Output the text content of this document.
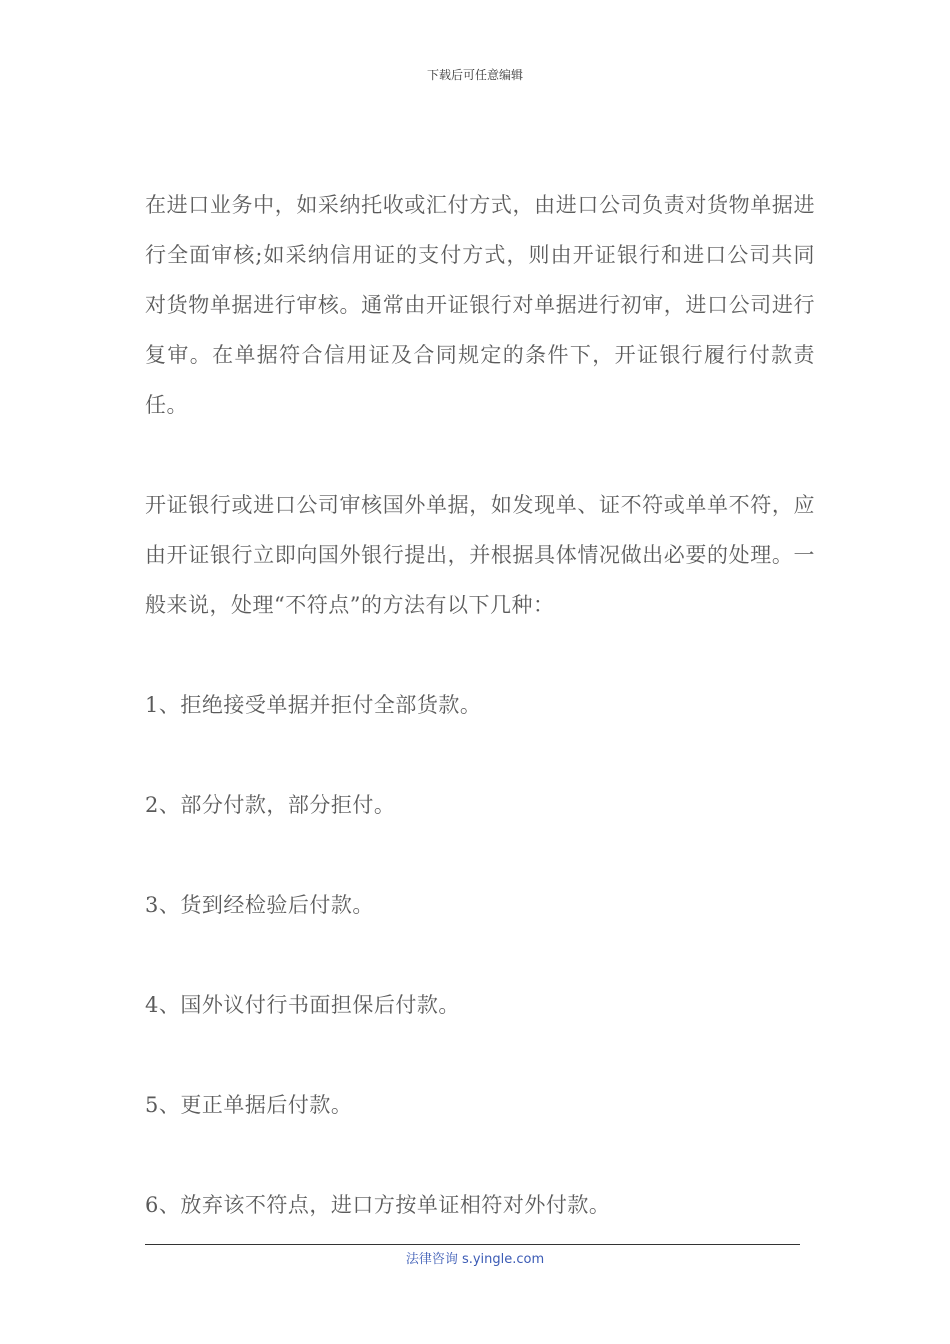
下载后可任意编辑

在进口业务中，如采纳托收或汇付方式，由进口公司负责对货物单据进行全面审核;如采纳信用证的支付方式，则由开证银行和进口公司共同对货物单据进行审核。通常由开证银行对单据进行初审，进口公司进行复审。在单据符合信用证及合同规定的条件下，开证银行履行付款责任。

开证银行或进口公司审核国外单据，如发现单、证不符或单单不符，应由开证银行立即向国外银行提出，并根据具体情况做出必要的处理。一般来说，处理“不符点”的方法有以下几种：

1、拒绝接受单据并拒付全部货款。

2、部分付款，部分拒付。

3、货到经检验后付款。

4、国外议付行书面担保后付款。

5、更正单据后付款。

6、放弃该不符点，进口方按单证相符对外付款。

法律咨询 s.yingle.com
